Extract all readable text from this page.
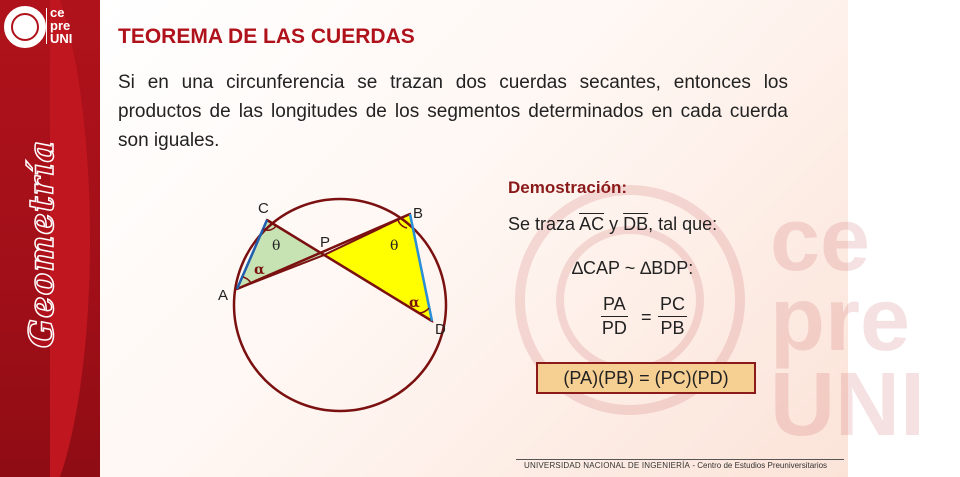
ce
pre
UNI
ce
pre
UNI
Geometría
TEOREMA DE LAS CUERDAS
Si en una circunferencia se trazan dos cuerdas secantes, entonces los productos de las longitudes de los segmentos determinados en cada cuerda son iguales.
C	B
A
D
P
θ	θ
α
α
Demostración:
Se traza $\overline{AC}$ y $\overline{DB}$, tal que:
∆CAP ~ ∆BDP:
$\frac{PA}{PD} = \frac{PC}{PB}$
(PA)(PB) = (PC)(PD)
UNIVERSIDAD NACIONAL DE INGENIERÍA - Centro de Estudios Preuniversitarios
